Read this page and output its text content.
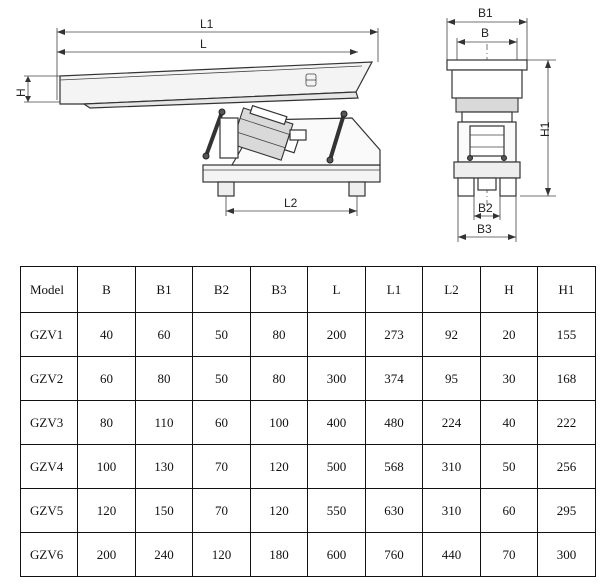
L1
L
H
L2
B1
B
H1
B2
B3
Model	B	B1	B2	B3	L	L1	L2	H	H1
GZV1	40	60	50	80	200	273	92	20	155
GZV2	60	80	50	80	300	374	95	30	168
GZV3	80	110	60	100	400	480	224	40	222
GZV4	100	130	70	120	500	568	310	50	256
GZV5	120	150	70	120	550	630	310	60	295
GZV6	200	240	120	180	600	760	440	70	300
